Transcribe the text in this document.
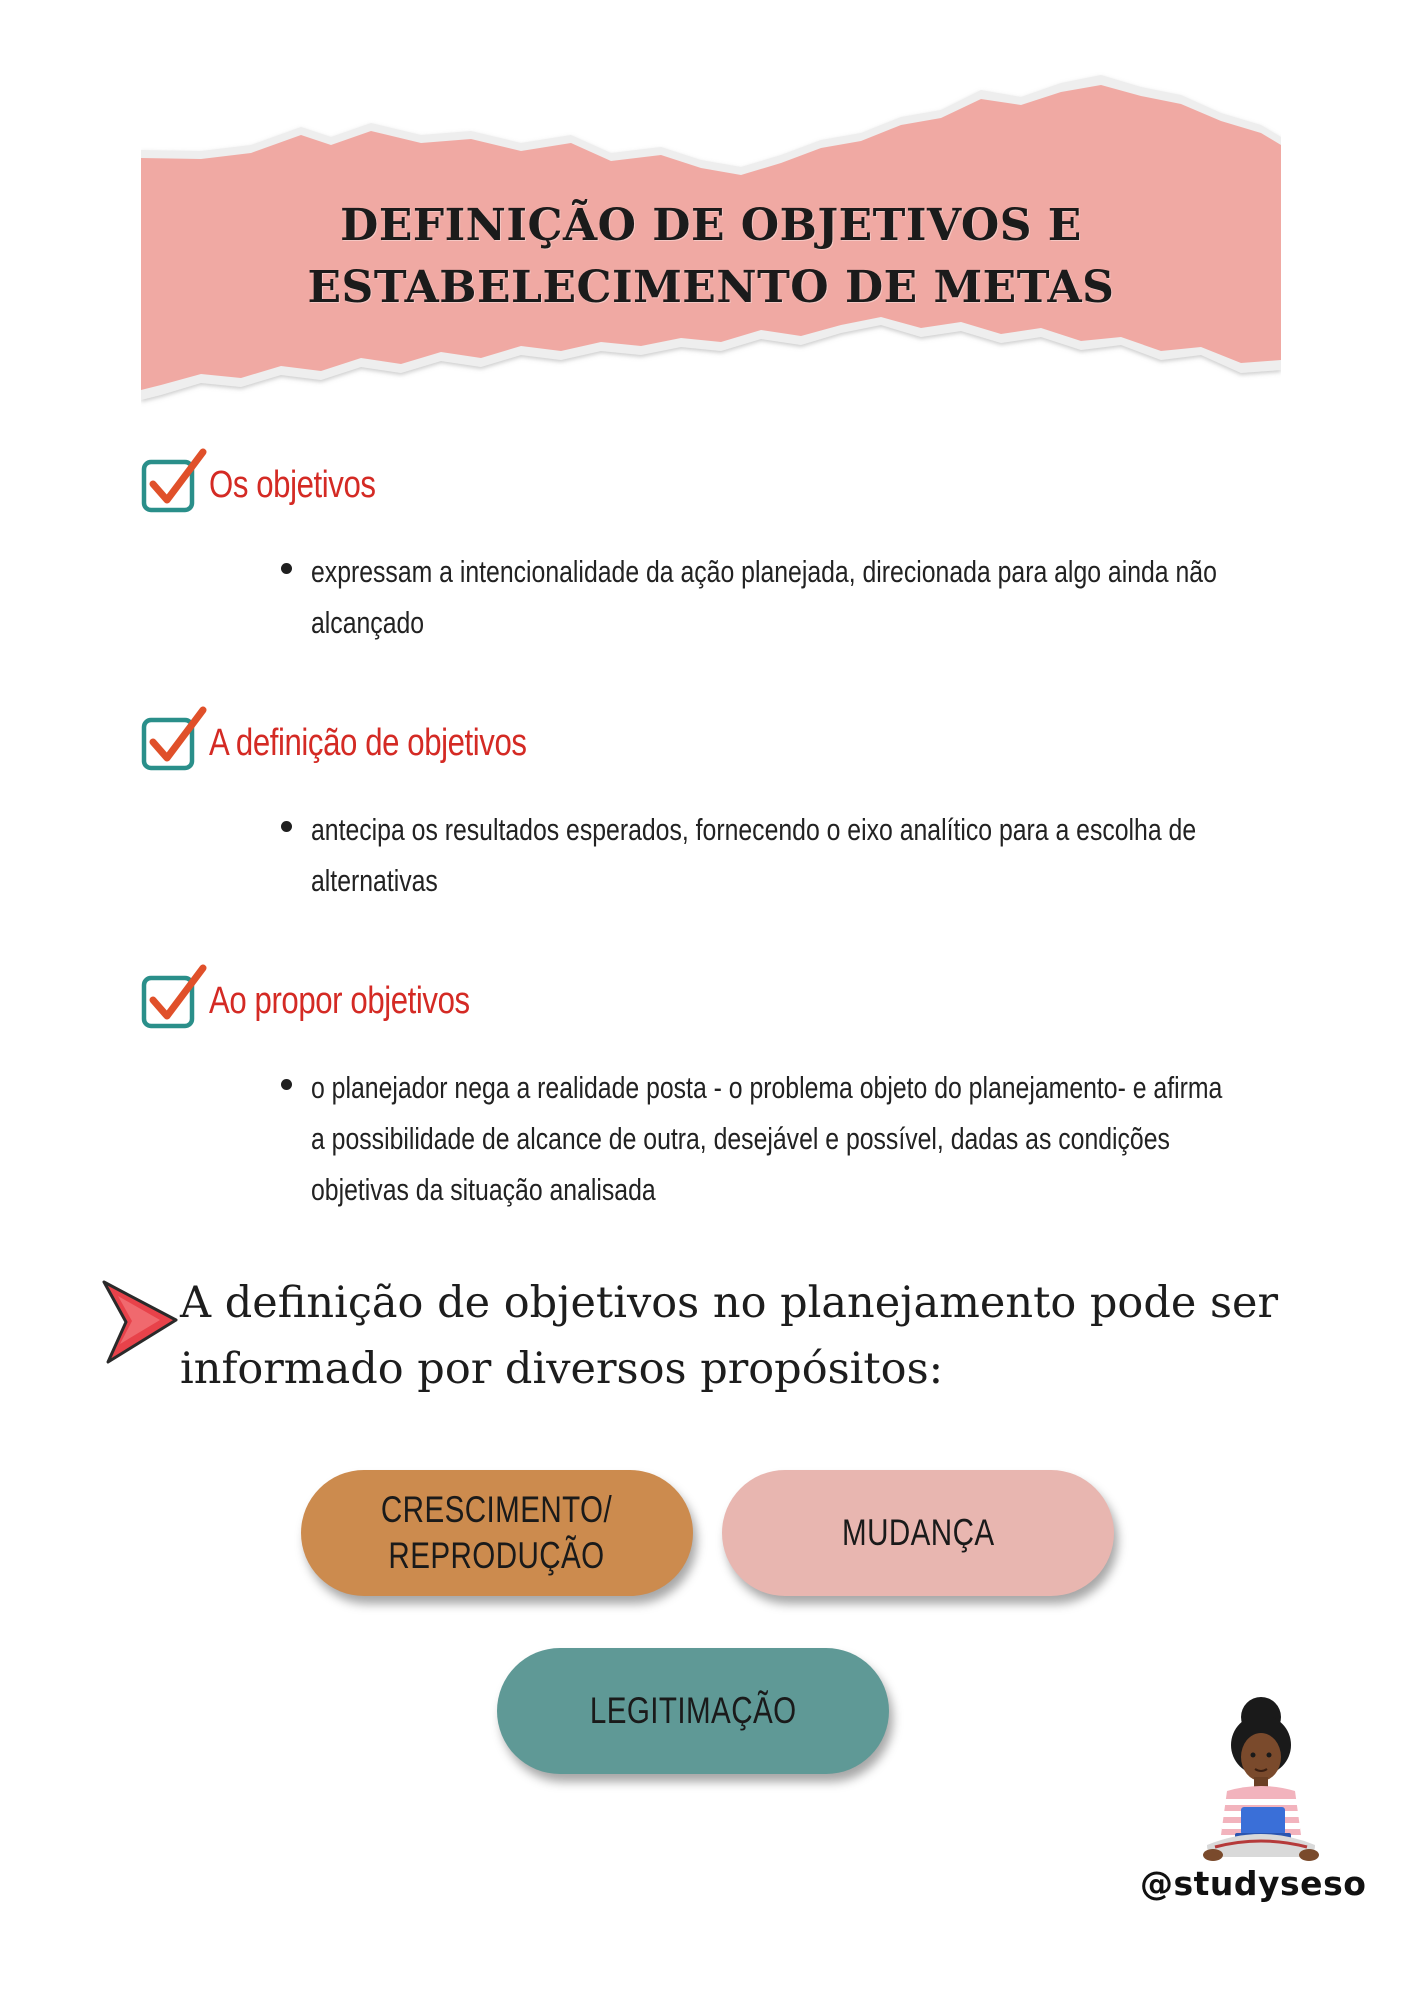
DEFINIÇÃO DE OBJETIVOS E
ESTABELECIMENTO DE METAS
Os objetivos
expressam a intencionalidade da ação planejada, direcionada para algo ainda não alcançado
A definição de objetivos
antecipa os resultados esperados, fornecendo o eixo analítico para a escolha de alternativas
Ao propor objetivos
o planejador nega a realidade posta - o problema objeto do planejamento- e afirma a possibilidade de alcance de outra, desejável e possível, dadas as condições objetivas da situação analisada
A definição de objetivos no planejamento pode ser informado por diversos propósitos:
CRESCIMENTO/
REPRODUÇÃO
MUDANÇA
LEGITIMAÇÃO
@studyseso
